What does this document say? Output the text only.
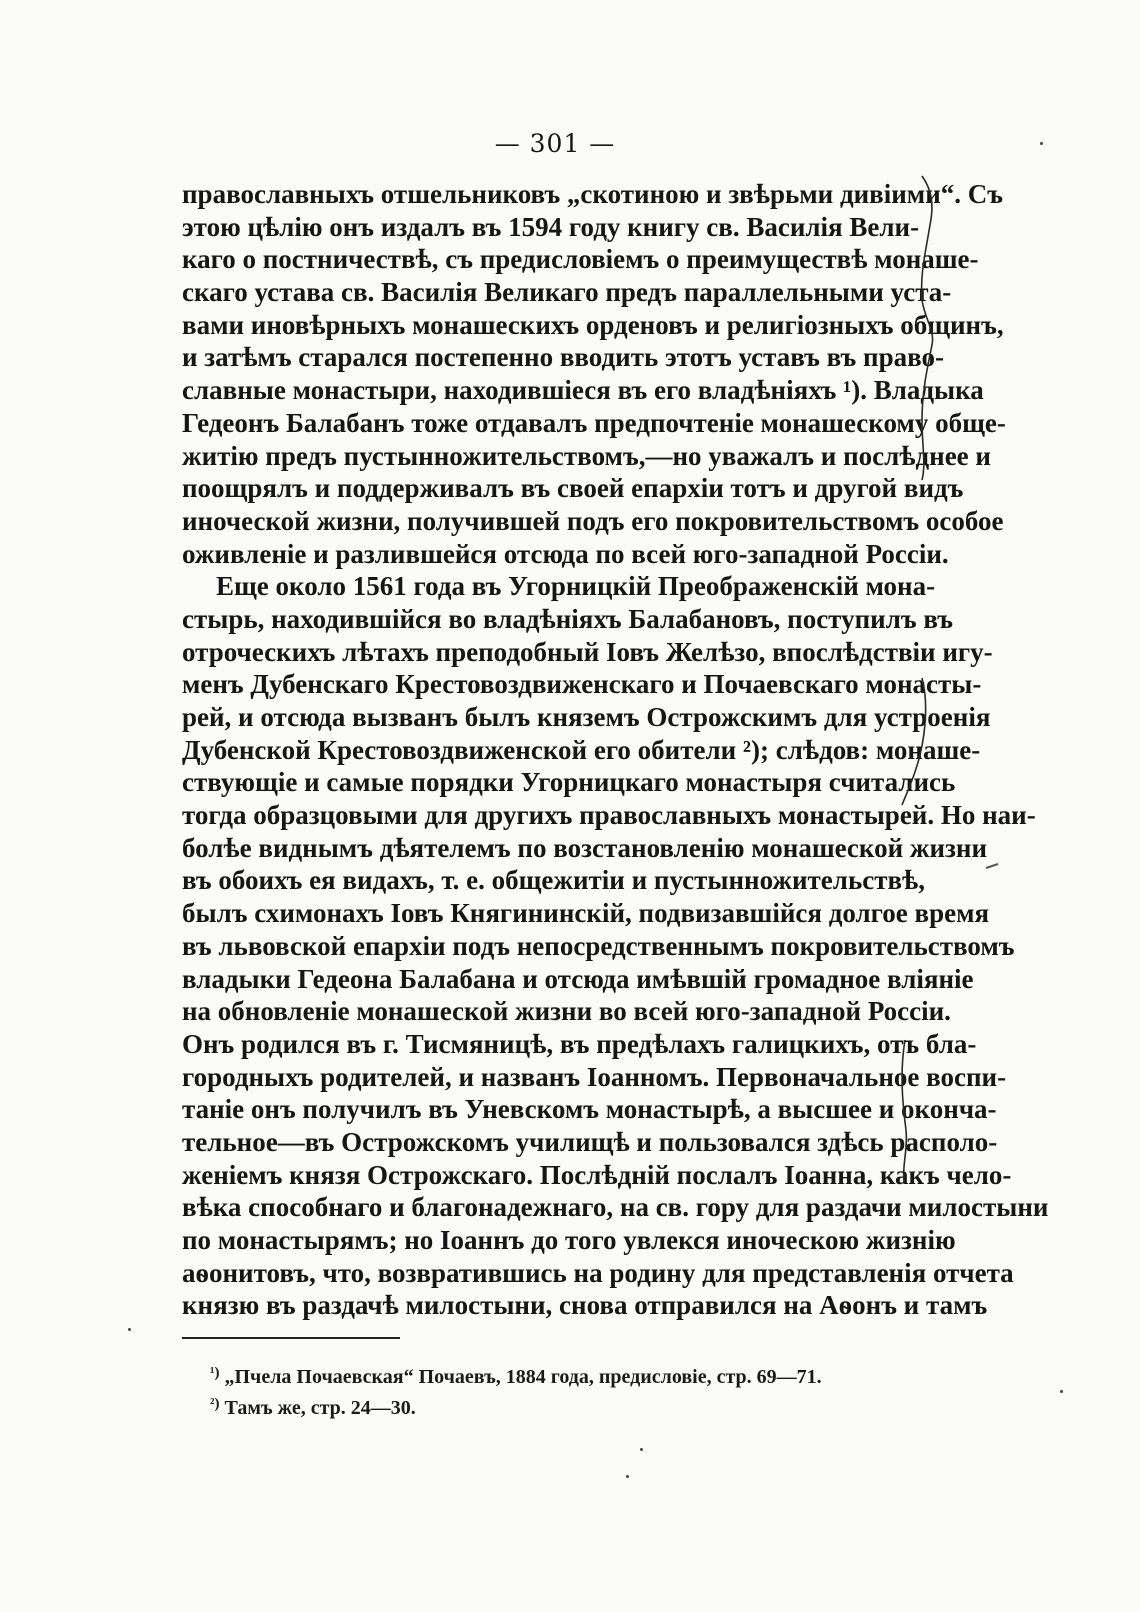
— 301 —
православныхъ отшельниковъ „скотиною и звѣрьми дивіими“. Съ
этою цѣлію онъ издалъ въ 1594 году книгу св. Василія Вели-
каго о постничествѣ, съ предисловіемъ о преимуществѣ монаше-
скаго устава св. Василія Великаго предъ параллельными уста-
вами иновѣрныхъ монашескихъ орденовъ и религіозныхъ общинъ,
и затѣмъ старался постепенно вводить этотъ уставъ въ право-
славные монастыри, находившіеся въ его владѣніяхъ ¹). Владыка
Гедеонъ Балабанъ тоже отдавалъ предпочтеніе монашескому обще-
житію предъ пустынножительствомъ,—но уважалъ и послѣднее и
поощрялъ и поддерживалъ въ своей епархіи тотъ и другой видъ
иноческой жизни, получившей подъ его покровительствомъ особое
оживленіе и разлившейся отсюда по всей юго-западной Россіи.
Еще около 1561 года въ Угорницкій Преображенскій мона-
стырь, находившійся во владѣніяхъ Балабановъ, поступилъ въ
отроческихъ лѣтахъ преподобный Іовъ Желѣзо, впослѣдствіи игу-
менъ Дубенскаго Крестовоздвиженскаго и Почаевскаго монасты-
рей, и отсюда вызванъ былъ княземъ Острожскимъ для устроенія
Дубенской Крестовоздвиженской его обители ²); слѣдов: монаше-
ствующіе и самые порядки Угорницкаго монастыря считались
тогда образцовыми для другихъ православныхъ монастырей. Но наи-
болѣе виднымъ дѣятелемъ по возстановленію монашеской жизни
въ обоихъ ея видахъ, т. е. общежитіи и пустынножительствѣ,
былъ схимонахъ Іовъ Княгининскій, подвизавшійся долгое время
въ львовской епархіи подъ непосредственнымъ покровительствомъ
владыки Гедеона Балабана и отсюда имѣвшій громадное вліяніе
на обновленіе монашеской жизни во всей юго-западной Россіи.
Онъ родился въ г. Тисмяницѣ, въ предѣлахъ галицкихъ, отъ бла-
городныхъ родителей, и названъ Іоанномъ. Первоначальное воспи-
таніе онъ получилъ въ Уневскомъ монастырѣ, а высшее и оконча-
тельное—въ Острожскомъ училищѣ и пользовался здѣсь располо-
женіемъ князя Острожскаго. Послѣдній послалъ Іоанна, какъ чело-
вѣка способнаго и благонадежнаго, на св. гору для раздачи милостыни
по монастырямъ; но Іоаннъ до того увлекся иноческою жизнію
аѳонитовъ, что, возвратившись на родину для представленія отчета
князю въ раздачѣ милостыни, снова отправился на Аѳонъ и тамъ
$^{^1)}$ „Пчела Почаевская“ Почаевъ, 1884 года, предисловіе, стр. 69—71.
$^{^2)}$ Тамъ же, стр. 24—30.
